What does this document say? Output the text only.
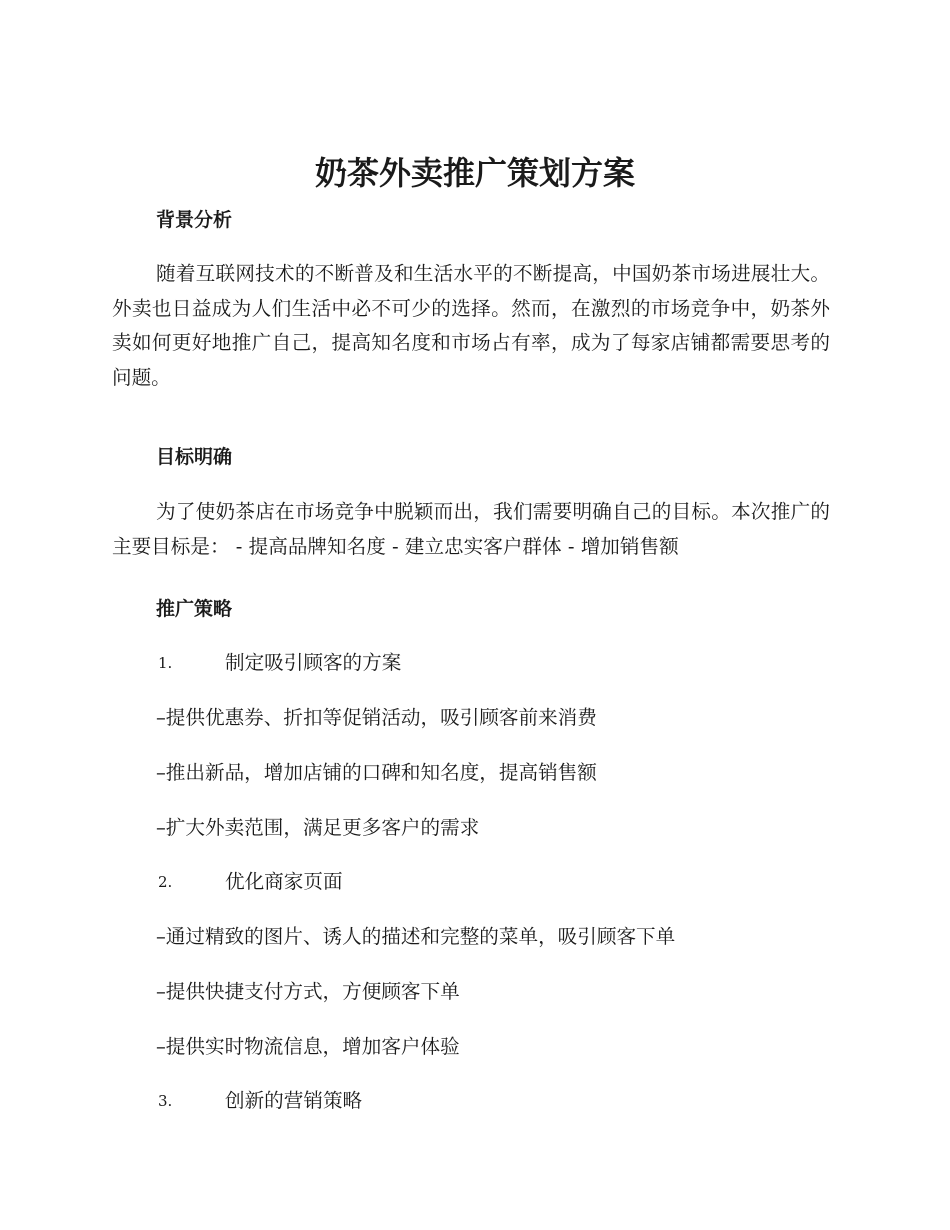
奶茶外卖推广策划方案
背景分析

随着互联网技术的不断普及和生活水平的不断提高，中国奶茶市场进展壮大。外卖也日益成为人们生活中必不可少的选择。然而，在激烈的市场竞争中，奶茶外卖如何更好地推广自己，提高知名度和市场占有率，成为了每家店铺都需要思考的问题。

目标明确

为了使奶茶店在市场竞争中脱颖而出，我们需要明确自己的目标。本次推广的主要目标是： - 提高品牌知名度 - 建立忠实客户群体 - 增加销售额

推广策略
1.	制定吸引顾客的方案
–提供优惠券、折扣等促销活动，吸引顾客前来消费
–推出新品，增加店铺的口碑和知名度，提高销售额
–扩大外卖范围，满足更多客户的需求
2.	优化商家页面
–通过精致的图片、诱人的描述和完整的菜单，吸引顾客下单
–提供快捷支付方式，方便顾客下单
–提供实时物流信息，增加客户体验
3.	创新的营销策略
